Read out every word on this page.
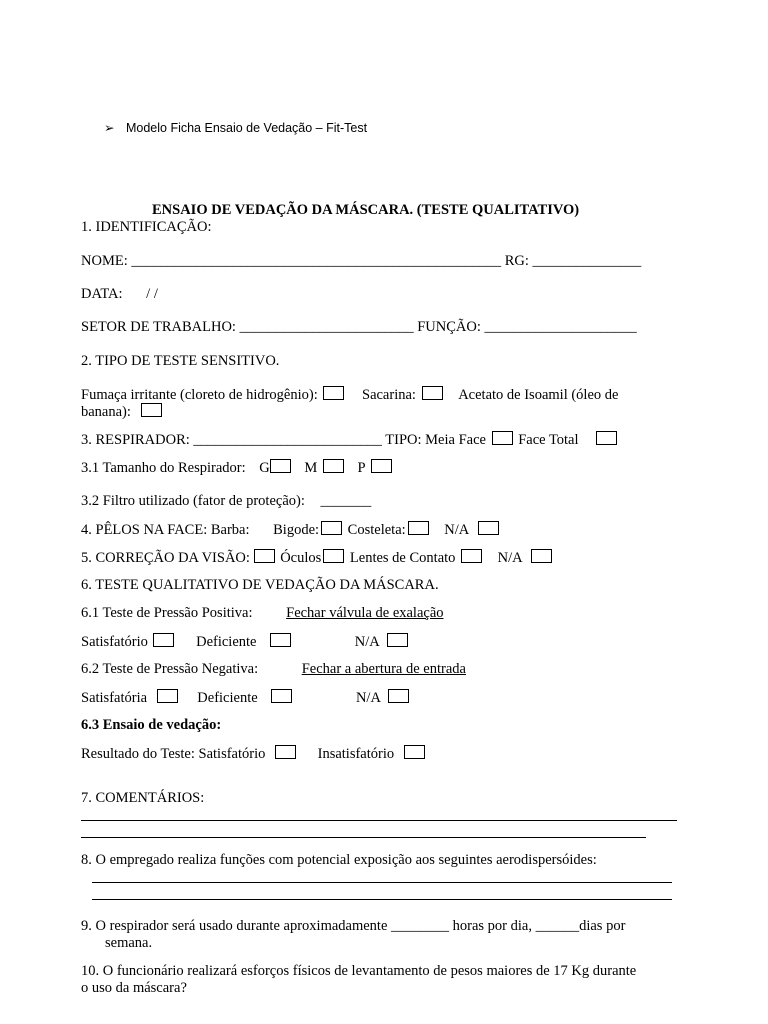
➢ Modelo Ficha Ensaio de Vedação – Fit-Test
ENSAIO DE VEDAÇÃO DA MÁSCARA. (TESTE QUALITATIVO)
1. IDENTIFICAÇÃO:
NOME: ___________________________________________________ RG: _______________
DATA: / /
SETOR DE TRABALHO: ________________________ FUNÇÃO: _____________________
2. TIPO DE TESTE SENSITIVO.
Fumaça irritante (cloreto de hidrogênio):	Sacarina:	Acetato de Isoamil (óleo de
banana):
3. RESPIRADOR: __________________________ TIPO: Meia Face Face Total
3.1 Tamanho do Respirador: G M	P
3.2 Filtro utilizado (fator de proteção): _______
4. PÊLOS NA FACE: Barba: Bigode: Costeleta:	N/A
5. CORREÇÃO DA VISÃO: Óculos Lentes de Contato	N/A
6. TESTE QUALITATIVO DE VEDAÇÃO DA MÁSCARA.
6.1 Teste de Pressão Positiva: Fechar válvula de exalação
Satisfatório	Deficiente	N/A
6.2 Teste de Pressão Negativa:	Fechar a abertura de entrada
Satisfatória	Deficiente	N/A
6.3 Ensaio de vedação:
Resultado do Teste: Satisfatório	Insatisfatório
7. COMENTÁRIOS:
8. O empregado realiza funções com potencial exposição aos seguintes aerodispersóides:
9. O respirador será usado durante aproximadamente ________ horas por dia, ______dias por
semana.
10. O funcionário realizará esforços físicos de levantamento de pesos maiores de 17 Kg durante
o uso da máscara?
